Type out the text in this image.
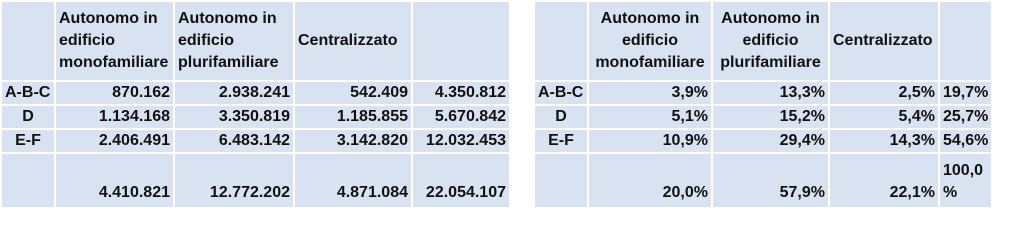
	Autonomo in edificio monofamiliare	Autonomo in edificio plurifamiliare	Centralizzato	
A-B-C	870.162	2.938.241	542.409	4.350.812
D	1.134.168	3.350.819	1.185.855	5.670.842
E-F	2.406.491	6.483.142	3.142.820	12.032.453
	4.410.821	12.772.202	4.871.084	22.054.107
	Autonomo in edificio monofamiliare	Autonomo in edificio plurifamiliare	Centralizzato	
A-B-C	3,9%	13,3%	2,5%	19,7%
D	5,1%	15,2%	5,4%	25,7%
E-F	10,9%	29,4%	14,3%	54,6%
	20,0%	57,9%	22,1%	100,0 %
